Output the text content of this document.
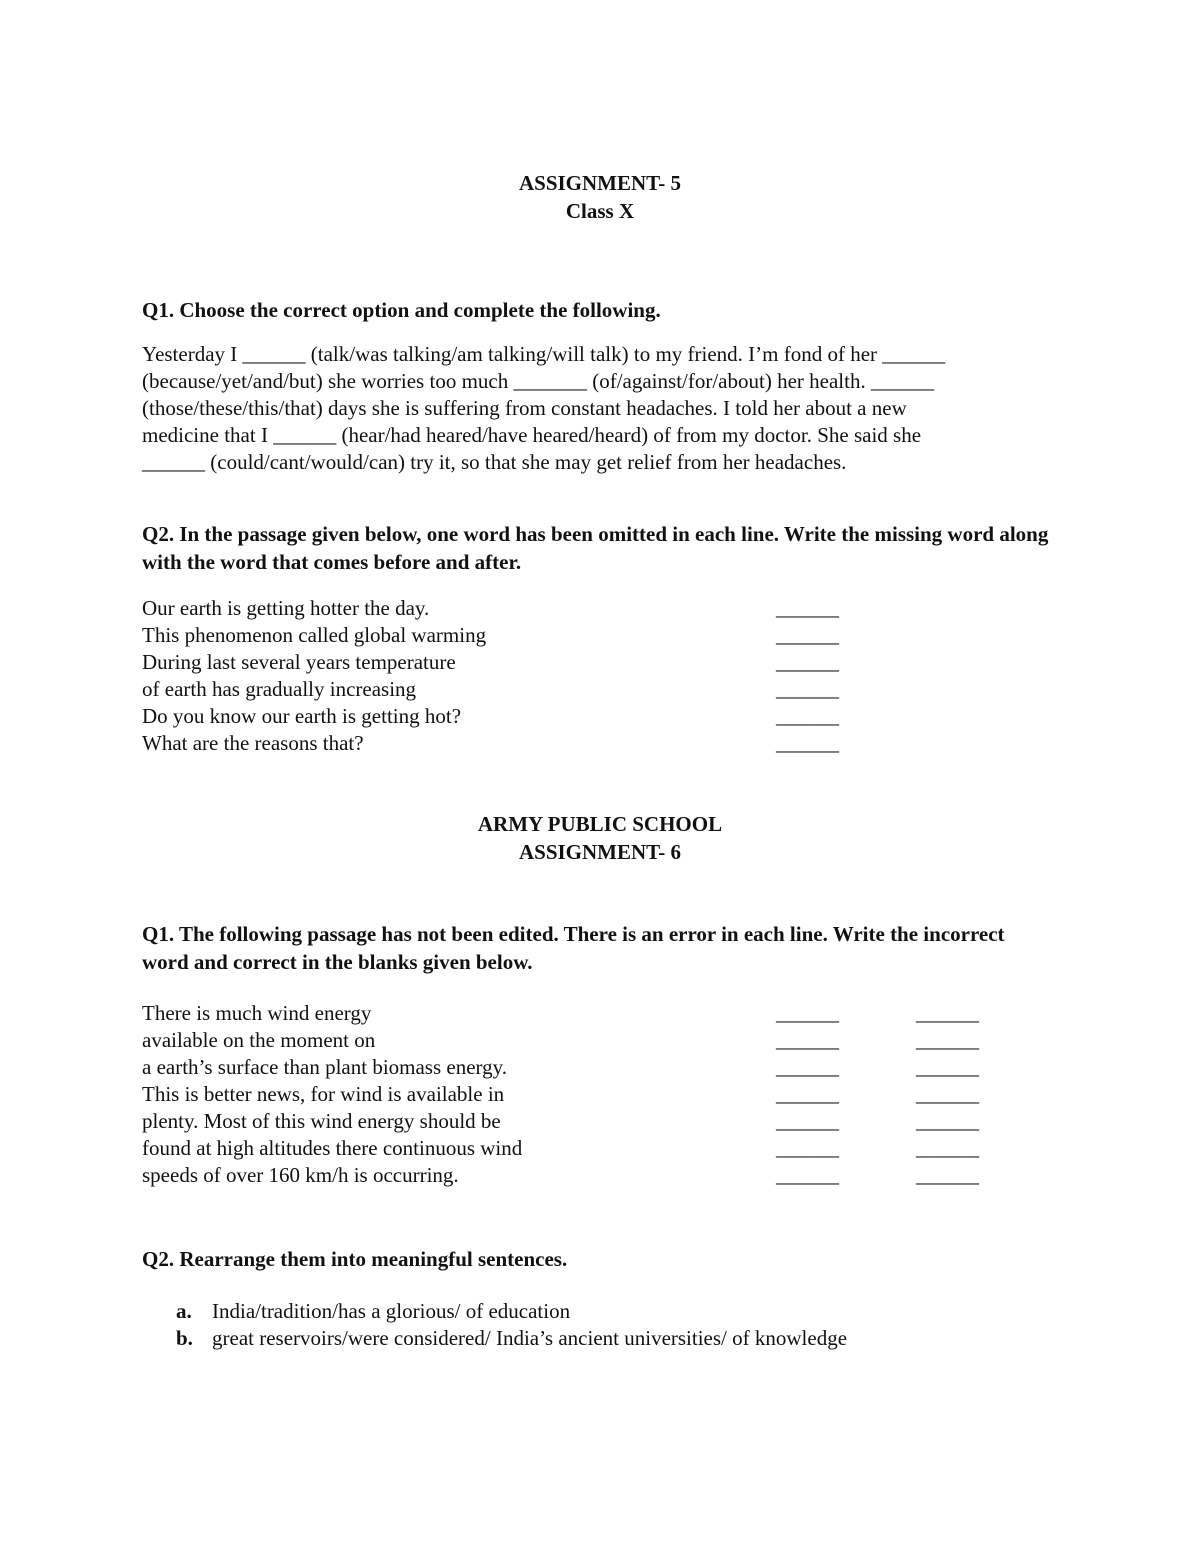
ASSIGNMENT- 5
Class X
Q1. Choose the correct option and complete the following.
Yesterday I ______ (talk/was talking/am talking/will talk) to my friend. I’m fond of her ______
(because/yet/and/but) she worries too much _______ (of/against/for/about) her health. ______
(those/these/this/that) days she is suffering from constant headaches. I told her about a new
medicine that I ______ (hear/had heared/have heared/heard) of from my doctor. She said she
______ (could/cant/would/can) try it, so that she may get relief from her headaches.
Q2. In the passage given below, one word has been omitted in each line. Write the missing word along with the word that comes before and after.
Our earth is getting hotter the day.	______
This phenomenon called global warming	______
During last several years temperature	______
of earth has gradually increasing	______
Do you know our earth is getting hot?	______
What are the reasons that?	______
ARMY PUBLIC SCHOOL
ASSIGNMENT- 6
Q1. The following passage has not been edited. There is an error in each line. Write the incorrect word and correct in the blanks given below.
There is much wind energy	______	______
available on the moment on	______	______
a earth’s surface than plant biomass energy.	______	______
This is better news, for wind is available in	______	______
plenty. Most of this wind energy should be	______	______
found at high altitudes there continuous wind	______	______
speeds of over 160 km/h is occurring.	______	______
Q2. Rearrange them into meaningful sentences.
a. India/tradition/has a glorious/ of education
b. great reservoirs/were considered/ India’s ancient universities/ of knowledge
